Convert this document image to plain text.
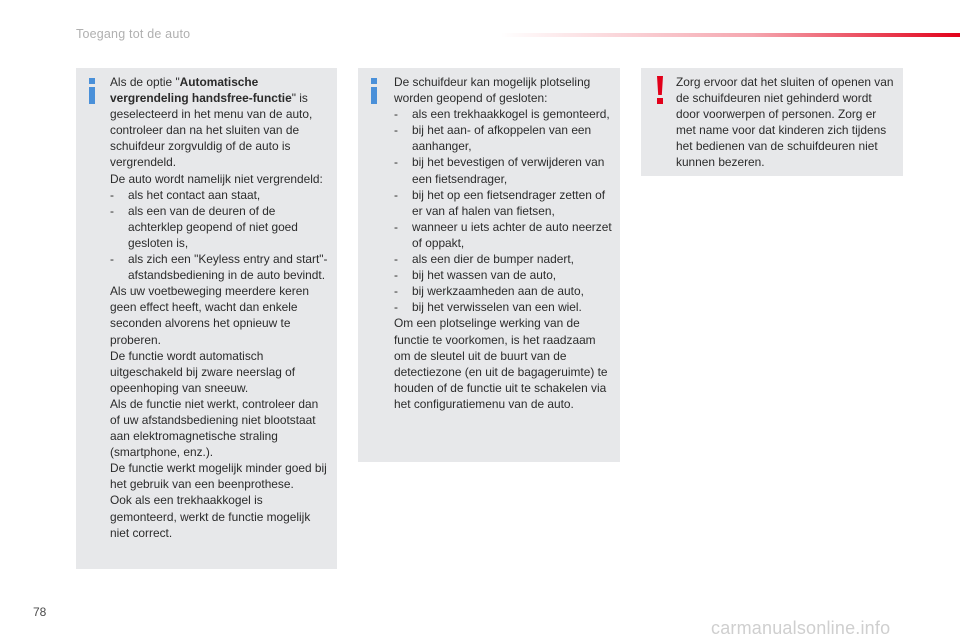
Toegang tot de auto

Als de optie "Automatische vergrendeling handsfree-functie" is geselecteerd in het menu van de auto, controleer dan na het sluiten van de schuifdeur zorgvuldig of de auto is vergrendeld.

De auto wordt namelijk niet vergrendeld:

- als het contact aan staat,
- als een van de deuren of de achterklep geopend of niet goed gesloten is,
- als zich een "Keyless entry and start"-afstandsbediening in de auto bevindt.

Als uw voetbeweging meerdere keren geen effect heeft, wacht dan enkele seconden alvorens het opnieuw te proberen.

De functie wordt automatisch uitgeschakeld bij zware neerslag of opeenhoping van sneeuw.

Als de functie niet werkt, controleer dan of uw afstandsbediening niet blootstaat aan elektromagnetische straling (smartphone, enz.).

De functie werkt mogelijk minder goed bij het gebruik van een beenprothese.

Ook als een trekhaakkogel is gemonteerd, werkt de functie mogelijk niet correct.

De schuifdeur kan mogelijk plotseling worden geopend of gesloten:

- als een trekhaakkogel is gemonteerd,
- bij het aan- of afkoppelen van een aanhanger,
- bij het bevestigen of verwijderen van een fietsendrager,
- bij het op een fietsendrager zetten of er van af halen van fietsen,
- wanneer u iets achter de auto neerzet of oppakt,
- als een dier de bumper nadert,
- bij het wassen van de auto,
- bij werkzaamheden aan de auto,
- bij het verwisselen van een wiel.

Om een plotselinge werking van de functie te voorkomen, is het raadzaam om de sleutel uit de buurt van de detectiezone (en uit de bagageruimte) te houden of de functie uit te schakelen via het configuratiemenu van de auto.

Zorg ervoor dat het sluiten of openen van de schuifdeuren niet gehinderd wordt door voorwerpen of personen. Zorg er met name voor dat kinderen zich tijdens het bedienen van de schuifdeuren niet kunnen bezeren.

78
carmanualsonline.info
